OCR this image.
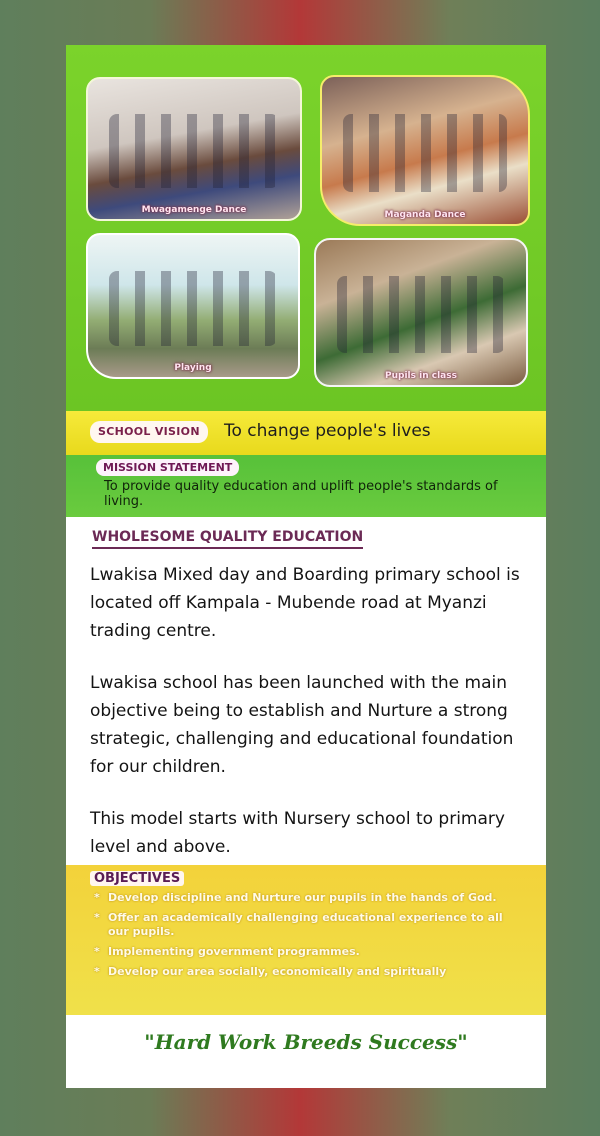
Mwagamenge Dance	Maganda Dance
Playing
Pupils in class
SCHOOL VISION	To change people's lives
MISSION STATEMENT
To provide quality education and uplift people's standards of living.
WHOLESOME QUALITY EDUCATION
Lwakisa Mixed day and Boarding primary school is located off Kampala - Mubende road at Myanzi trading centre.
Lwakisa school has been launched with the main objective being to establish and Nurture a strong strategic, challenging and educational foundation for our children.
This model starts with Nursery school to primary level and above.
OBJECTIVES
* Develop discipline and Nurture our pupils in the hands of God.
* Offer an academically challenging educational experience to all our pupils.
* Implementing government programmes.
* Develop our area socially, economically and spiritually
"Hard Work Breeds Success"
